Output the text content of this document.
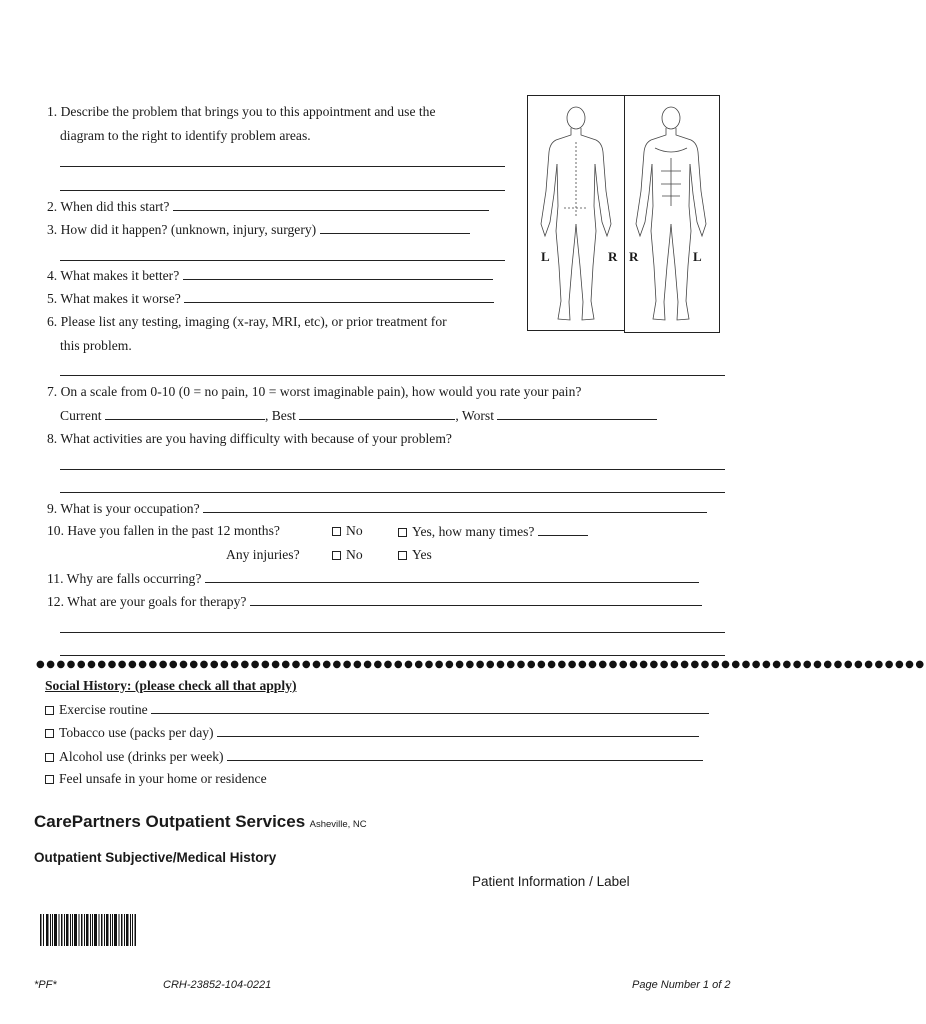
1. Describe the problem that brings you to this appointment and use the
diagram to the right to identify problem areas.
2. When did this start?
3. How did it happen? (unknown, injury, surgery)
4. What makes it better?
5. What makes it worse?
6. Please list any testing, imaging (x-ray, MRI, etc), or prior treatment for
this problem.
L	R R	L
7. On a scale from 0-10 (0 = no pain, 10 = worst imaginable pain), how would you rate your pain?
Current	, Best	, Worst
8. What activities are you having difficulty with because of your problem?
9. What is your occupation?
10. Have you fallen in the past 12 months?	No	Yes, how many times?
Any injuries?	No	Yes
11. Why are falls occurring?
12. What are your goals for therapy?
●●●●●●●●●●●●●●●●●●●●●●●●●●●●●●●●●●●●●●●●●●●●●●●●●●●●●●●●●●●●●●●●●●●●●●●●●●●●●●●●●●●●●●●
Social History: (please check all that apply)
Exercise routine
Tobacco use (packs per day)
Alcohol use (drinks per week)
Feel unsafe in your home or residence
CarePartners Outpatient Services Asheville, NC
Outpatient Subjective/Medical History
Patient Information / Label
*PF*	CRH-23852-104-0221	Page Number 1 of 2
